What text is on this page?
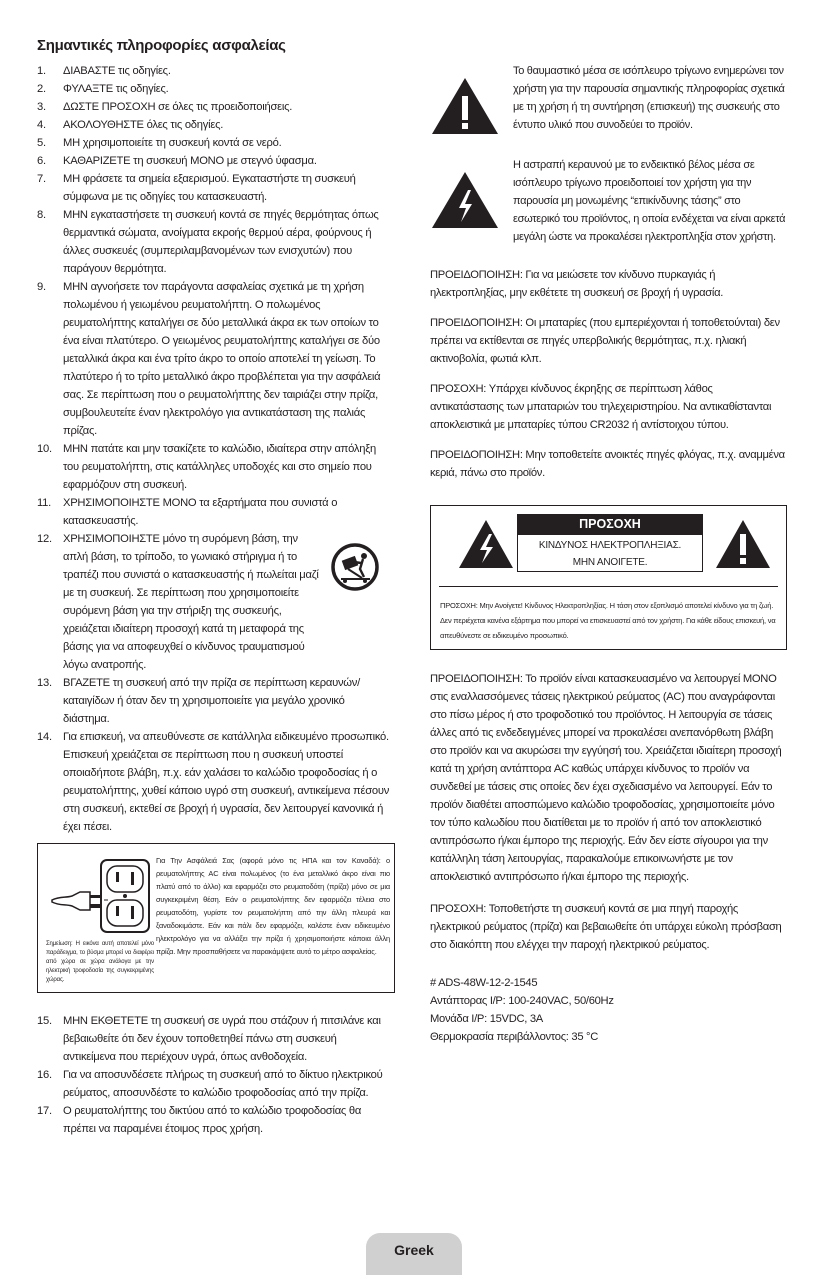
Σημαντικές πληροφορίες ασφαλείας
1. ΔΙΑΒΑΣΤΕ τις οδηγίες.
2. ΦΥΛΑΞΤΕ τις οδηγίες.
3. ΔΩΣΤΕ ΠΡΟΣΟΧΗ σε όλες τις προειδοποιήσεις.
4. ΑΚΟΛΟΥΘΗΣΤΕ όλες τις οδηγίες.
5. ΜΗ χρησιμοποιείτε τη συσκευή κοντά σε νερό.
6. ΚΑΘΑΡΙΖΕΤΕ τη συσκευή ΜΟΝΟ με στεγνό ύφασμα.
7. ΜΗ φράσετε τα σημεία εξαερισμού. Εγκαταστήστε τη συσκευή σύμφωνα με τις οδηγίες του κατασκευαστή.
8. ΜΗΝ εγκαταστήσετε τη συσκευή κοντά σε πηγές θερμότητας όπως θερμαντικά σώματα, ανοίγματα εκροής θερμού αέρα, φούρνους ή άλλες συσκευές (συμπεριλαμβανομένων των ενισχυτών) που παράγουν θερμότητα.
9. ΜΗΝ αγνοήσετε τον παράγοντα ασφαλείας σχετικά με τη χρήση πολωμένου ή γειωμένου ρευματολήπτη. Ο πολωμένος ρευματολήπτης καταλήγει σε δύο μεταλλικά άκρα εκ των οποίων το ένα είναι πλατύτερο. Ο γειωμένος ρευματολήπτης καταλήγει σε δύο μεταλλικά άκρα και ένα τρίτο άκρο το οποίο αποτελεί τη γείωση. Το πλατύτερο ή το τρίτο μεταλλικό άκρο προβλέπεται για την ασφάλειά σας. Σε περίπτωση που ο ρευματολήπτης δεν ταιριάζει στην πρίζα, συμβουλευτείτε έναν ηλεκτρολόγο για αντικατάσταση της παλιάς πρίζας.
10. ΜΗΝ πατάτε και μην τσακίζετε το καλώδιο, ιδιαίτερα στην απόληξη του ρευματολήπτη, στις κατάλληλες υποδοχές και στο σημείο που εφαρμόζουν στη συσκευή.
11. ΧΡΗΣΙΜΟΠΟΙΗΣΤΕ ΜΟΝΟ τα εξαρτήματα που συνιστά ο κατασκευαστής.
12. ΧΡΗΣΙΜΟΠΟΙΗΣΤΕ μόνο τη συρόμενη βάση, την απλή βάση, το τρίποδο, το γωνιακό στήριγμα ή το τραπέζι που συνιστά ο κατασκευαστής ή πωλείται μαζί με τη συσκευή. Σε περίπτωση που χρησιμοποιείτε συρόμενη βάση για την στήριξη της συσκευής, χρειάζεται ιδιαίτερη προσοχή κατά τη μεταφορά της βάσης για να αποφευχθεί ο κίνδυνος τραυματισμού λόγω ανατροπής.
13. ΒΓΑΖΕΤΕ τη συσκευή από την πρίζα σε περίπτωση κεραυνών/καταιγίδων ή όταν δεν τη χρησιμοποιείτε για μεγάλο χρονικό διάστημα.
14. Για επισκευή, να απευθύνεστε σε κατάλληλα ειδικευμένο προσωπικό. Επισκευή χρειάζεται σε περίπτωση που η συσκευή υποστεί οποιαδήποτε βλάβη, π.χ. εάν χαλάσει το καλώδιο τροφοδοσίας ή ο ρευματολήπτης, χυθεί κάποιο υγρό στη συσκευή, αντικείμενα πέσουν στη συσκευή, εκτεθεί σε βροχή ή υγρασία, δεν λειτουργεί κανονικά ή έχει πέσει.
Σημείωση: Η εικόνα αυτή αποτελεί μόνο παράδειγμα, το βύσμα μπορεί να διαφέρει από χώρα σε χώρα ανάλογα με την ηλεκτρική τροφοδοσία της συγκεκριμένης χώρας.
Για Την Ασφάλειά Σας (αφορά μόνο τις ΗΠΑ και τον Καναδά): ο ρευματολήπτης AC είναι πολωμένος (το ένα μεταλλικό άκρο είναι πιο πλατύ από το άλλο) και εφαρμόζει στο ρευματοδότη (πρίζα) μόνο σε μια συγκεκριμένη θέση. Εάν ο ρευματολήπτης δεν εφαρμόζει τέλεια στο ρευματοδότη, γυρίστε τον ρευματολήπτη από την άλλη πλευρά και ξαναδοκιμάστε. Εάν και πάλι δεν εφαρμόζει, καλέστε έναν ειδικευμένο ηλεκτρολόγο για να αλλάξει την πρίζα ή χρησιμοποιήστε κάποια άλλη πρίζα. Μην προσπαθήσετε να παρακάμψετε αυτό το μέτρο ασφαλείας.
15. ΜΗΝ ΕΚΘΕΤΕΤΕ τη συσκευή σε υγρά που στάζουν ή πιτσιλάνε και βεβαιωθείτε ότι δεν έχουν τοποθετηθεί πάνω στη συσκευή αντικείμενα που περιέχουν υγρά, όπως ανθοδοχεία.
16. Για να αποσυνδέσετε πλήρως τη συσκευή από το δίκτυο ηλεκτρικού ρεύματος, αποσυνδέστε το καλώδιο τροφοδοσίας από την πρίζα.
17. Ο ρευματολήπτης του δικτύου από το καλώδιο τροφοδοσίας θα πρέπει να παραμένει έτοιμος προς χρήση.
Το θαυμαστικό μέσα σε ισόπλευρο τρίγωνο ενημερώνει τον χρήστη για την παρουσία σημαντικής πληροφορίας σχετικά με τη χρήση ή τη συντήρηση (επισκευή) της συσκευής στο έντυπο υλικό που συνοδεύει το προϊόν.
Η αστραπή κεραυνού με το ενδεικτικό βέλος μέσα σε ισόπλευρο τρίγωνο προειδοποιεί τον χρήστη για την παρουσία μη μονωμένης “επικίνδυνης τάσης” στο εσωτερικό του προϊόντος, η οποία ενδέχεται να είναι αρκετά μεγάλη ώστε να προκαλέσει ηλεκτροπληξία στον χρήστη.
ΠΡΟΕΙΔΟΠΟΙΗΣΗ: Για να μειώσετε τον κίνδυνο πυρκαγιάς ή ηλεκτροπληξίας, μην εκθέτετε τη συσκευή σε βροχή ή υγρασία.
ΠΡΟΕΙΔΟΠΟΙΗΣΗ: Οι μπαταρίες (που εμπεριέχονται ή τοποθετούνται) δεν πρέπει να εκτίθενται σε πηγές υπερβολικής θερμότητας, π.χ. ηλιακή ακτινοβολία, φωτιά κλπ.
ΠΡΟΣΟΧΗ: Υπάρχει κίνδυνος έκρηξης σε περίπτωση λάθος αντικατάστασης των μπαταριών του τηλεχειριστηρίου. Να αντικαθίστανται αποκλειστικά με μπαταρίες τύπου CR2032 ή αντίστοιχου τύπου.
ΠΡΟΕΙΔΟΠΟΙΗΣΗ: Μην τοποθετείτε ανοικτές πηγές φλόγας, π.χ. αναμμένα κεριά, πάνω στο προϊόν.
ΠΡΟΣΟΧΗ
ΚΙΝΔΥΝΟΣ ΗΛΕΚΤΡΟΠΛΗΞΙΑΣ.
ΜΗΝ ΑΝΟΙΓΕΤΕ.
ΠΡΟΣΟΧΗ: Μην Ανοίγετε! Κίνδυνος Ηλεκτροπληξίας. Η τάση στον εξοπλισμό αποτελεί κίνδυνο για τη ζωή. Δεν περιέχεται κανένα εξάρτημα που μπορεί να επισκευαστεί από τον χρήστη. Για κάθε είδους επισκευή, να απευθύνεστε σε ειδικευμένο προσωπικό.
ΠΡΟΕΙΔΟΠΟΙΗΣΗ: Το προϊόν είναι κατασκευασμένο να λειτουργεί ΜΟΝΟ στις εναλλασσόμενες τάσεις ηλεκτρικού ρεύματος (AC) που αναγράφονται στο πίσω μέρος ή στο τροφοδοτικό του προϊόντος. Η λειτουργία σε τάσεις άλλες από τις ενδεδειγμένες μπορεί να προκαλέσει ανεπανόρθωτη βλάβη στο προϊόν και να ακυρώσει την εγγύησή του. Χρειάζεται ιδιαίτερη προσοχή κατά τη χρήση αντάπτορα AC καθώς υπάρχει κίνδυνος το προϊόν να συνδεθεί με τάσεις στις οποίες δεν έχει σχεδιασμένο να λειτουργεί. Εάν το προϊόν διαθέτει αποσπώμενο καλώδιο τροφοδοσίας, χρησιμοποιείτε μόνο τον τύπο καλωδίου που διατίθεται με το προϊόν ή από τον αποκλειστικό αντιπρόσωπο ή/και έμπορο της περιοχής. Εάν δεν είστε σίγουροι για την κατάλληλη τάση λειτουργίας, παρακαλούμε επικοινωνήστε με τον αποκλειστικό αντιπρόσωπο ή/και έμπορο της περιοχής.
ΠΡΟΣΟΧΗ: Τοποθετήστε τη συσκευή κοντά σε μια πηγή παροχής ηλεκτρικού ρεύματος (πρίζα) και βεβαιωθείτε ότι υπάρχει εύκολη πρόσβαση στο διακόπτη που ελέγχει την παροχή ηλεκτρικού ρεύματος.
# ADS-48W-12-2-1545
Αντάπτορας I/P: 100-240VAC, 50/60Hz
Μονάδα I/P: 15VDC, 3A
Θερμοκρασία περιβάλλοντος: 35 °C
Greek
